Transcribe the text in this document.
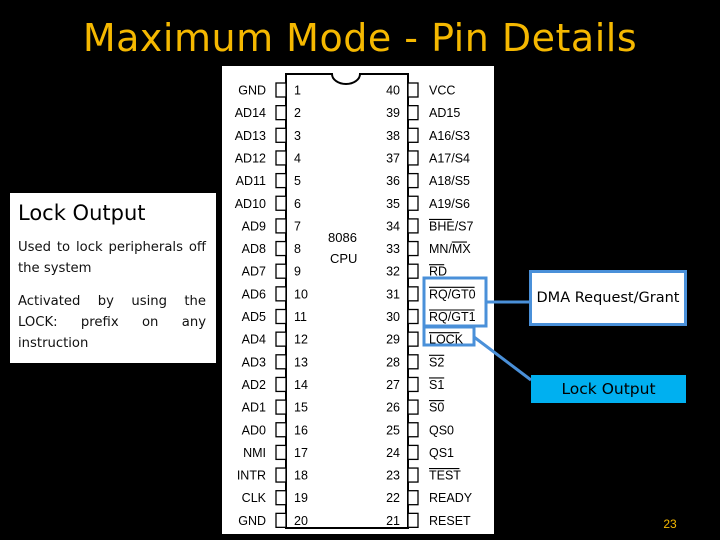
Maximum Mode - Pin Details
GND 1
AD14 2
AD13 3
AD12 4
AD11 5
AD10 6
AD9 7
AD8 8
AD7 9
AD6 10
AD5 11
AD4 12
AD3 13
AD2 14
AD1 15
AD0 16
NMI 17
INTR 18
CLK 19
GND 20
40 VCC
39 AD15
38 A16/S3
37 A17/S4
36 A18/S5
35 A19/S6
34 BHE/S7
33 MN/MX
32 RD
31 RQ/GT0
30 RQ/GT1
29 LOCK
28 S2
27 S1
26 S0
25 QS0
24 QS1
23 TEST
22 READY
21 RESET
8086
CPU
Lock Output

Used to lock peripherals off the system

Activated by using the LOCK: prefix on any instruction

DMA Request/Grant
Lock Output
23
